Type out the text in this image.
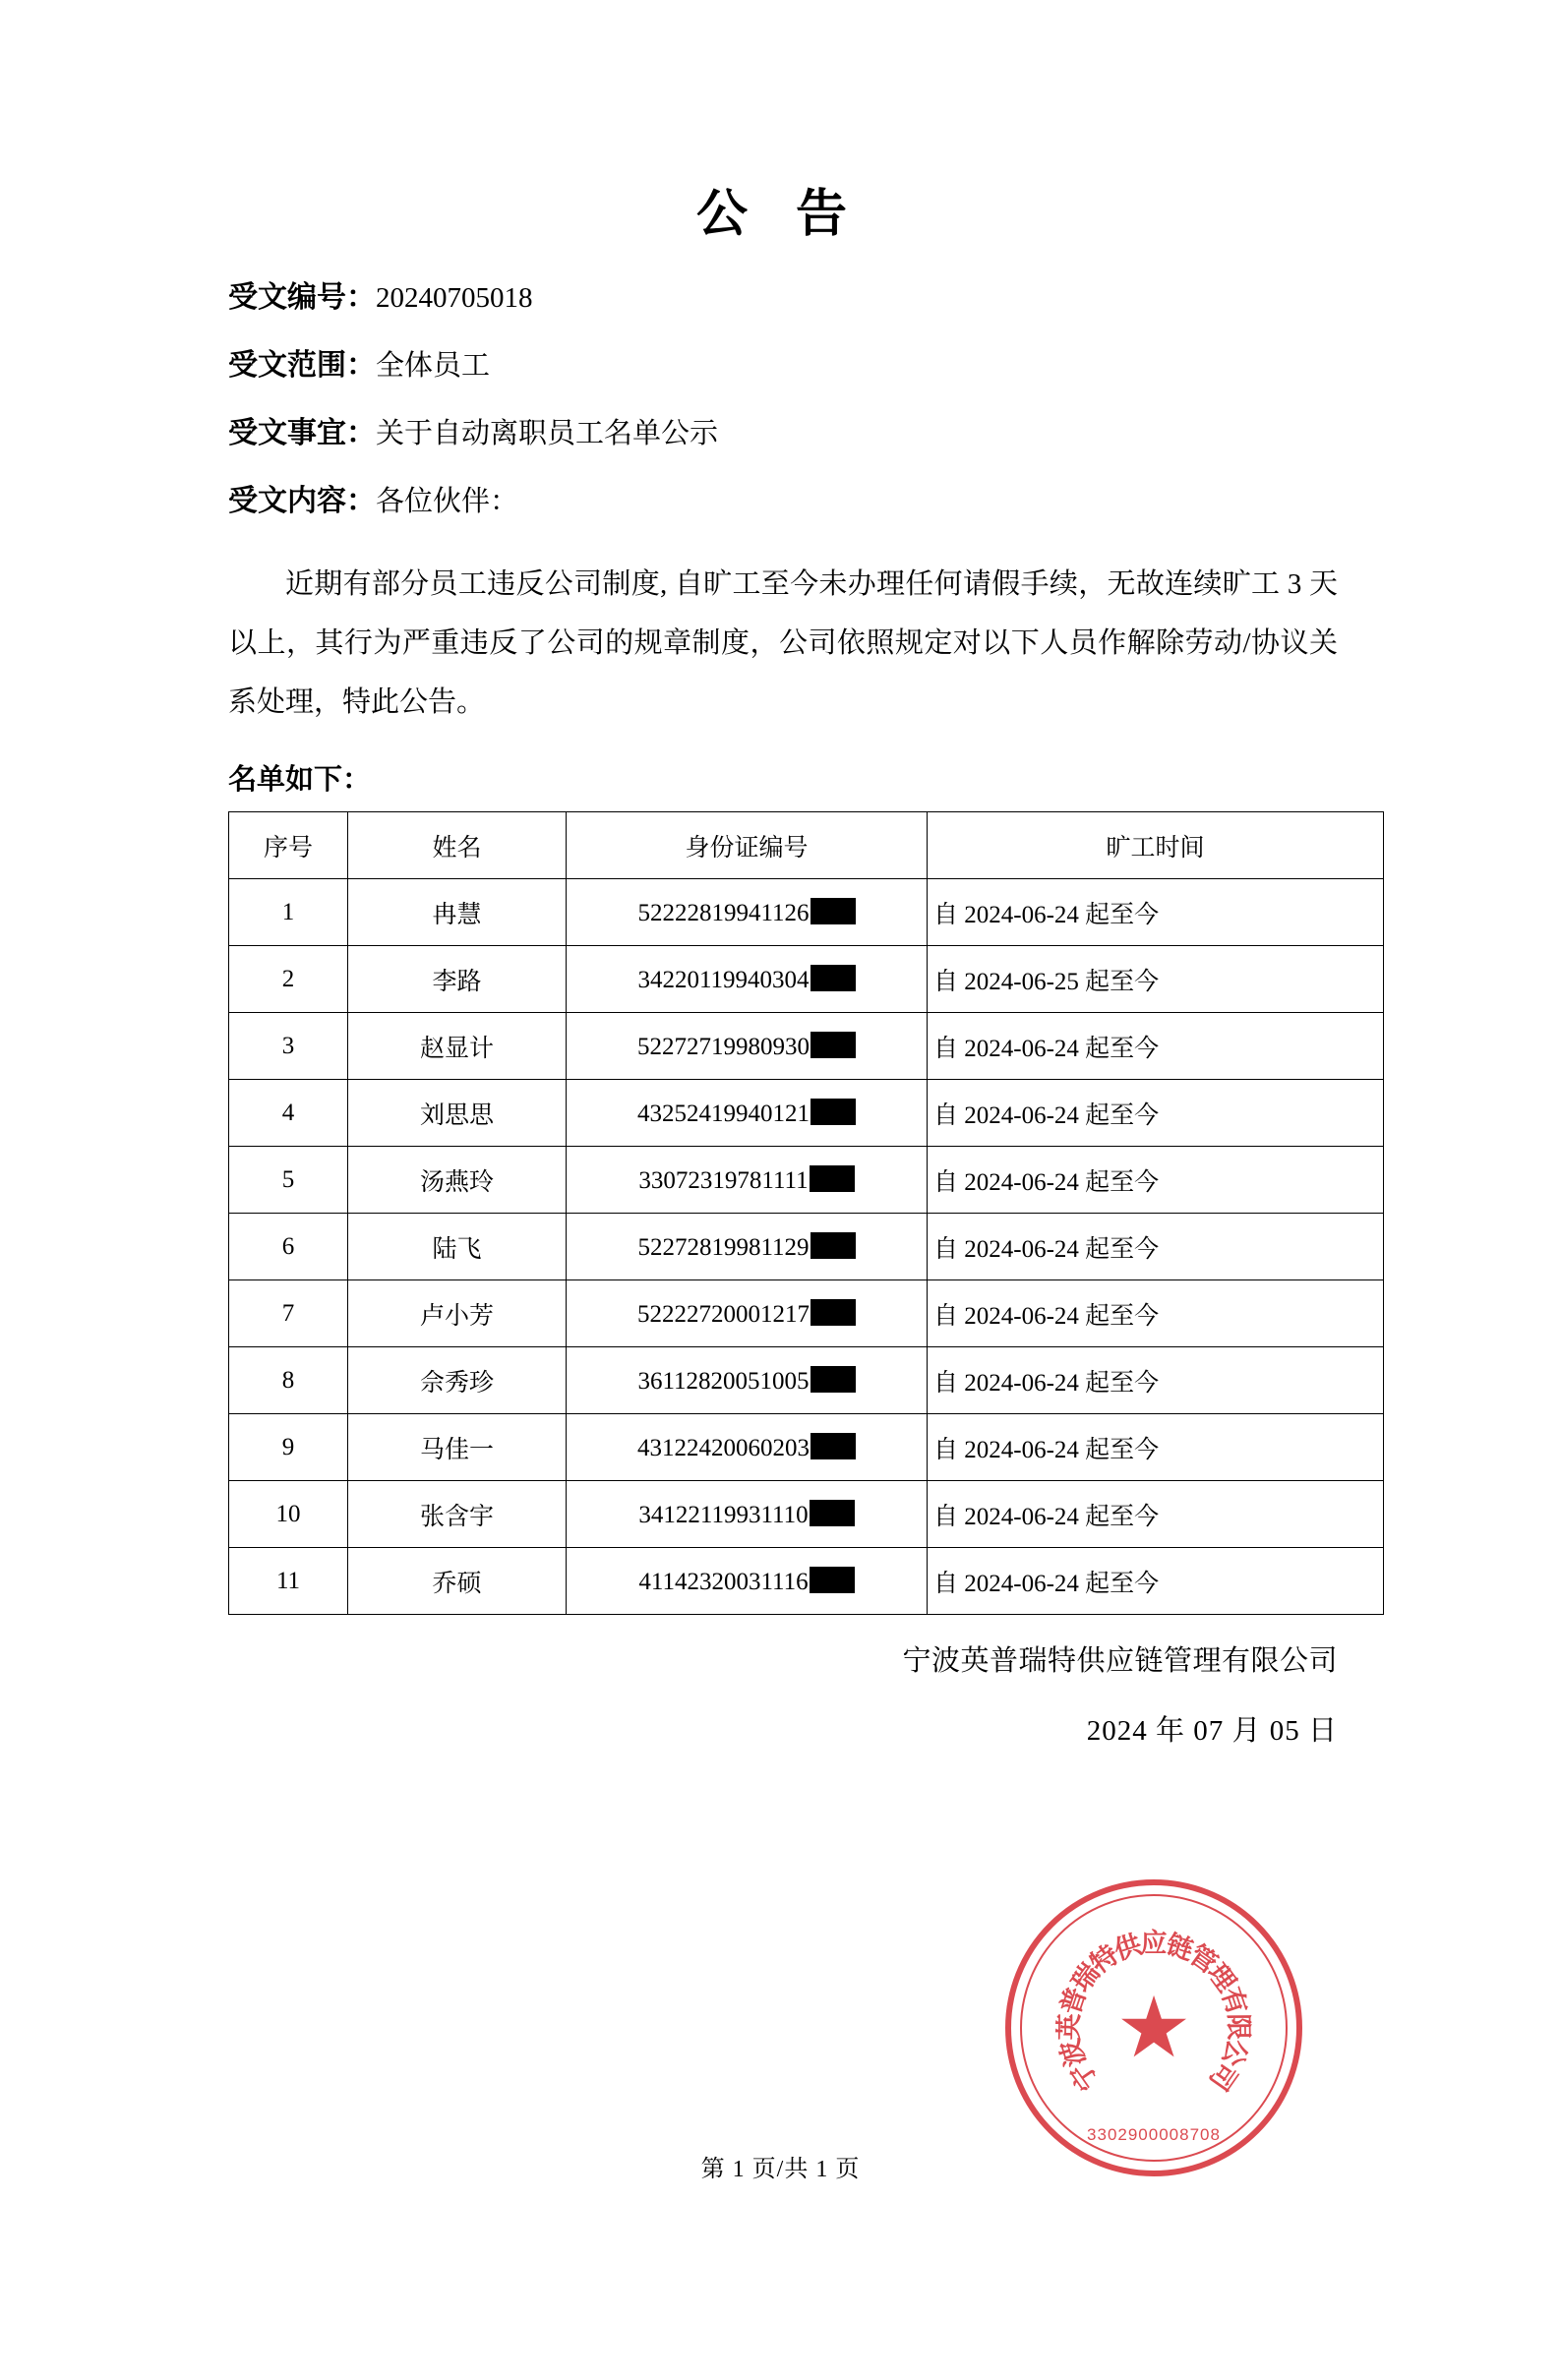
公 告
受文编号：20240705018
受文范围：全体员工
受文事宜：关于自动离职员工名单公示
受文内容：各位伙伴：
近期有部分员工违反公司制度, 自旷工至今未办理任何请假手续，无故连续旷工 3 天以上，其行为严重违反了公司的规章制度，公司依照规定对以下人员作解除劳动/协议关系处理，特此公告。
名单如下：
序号	姓名	身份证编号	旷工时间
1	冉慧	52222819941126	自 2024-06-24 起至今
2	李路	34220119940304	自 2024-06-25 起至今
3	赵显计	52272719980930	自 2024-06-24 起至今
4	刘思思	43252419940121	自 2024-06-24 起至今
5	汤燕玲	33072319781111	自 2024-06-24 起至今
6	陆飞	52272819981129	自 2024-06-24 起至今
7	卢小芳	52222720001217	自 2024-06-24 起至今
8	佘秀珍	36112820051005	自 2024-06-24 起至今
9	马佳一	43122420060203	自 2024-06-24 起至今
10	张含宇	34122119931110	自 2024-06-24 起至今
11	乔硕	41142320031116	自 2024-06-24 起至今
宁波英普瑞特供应链管理有限公司
2024 年 07 月 05 日
宁
波
英
普
瑞
特
供
应
链
管
理
有
限
公
司
★
3302900008708
第 1 页/共 1 页
